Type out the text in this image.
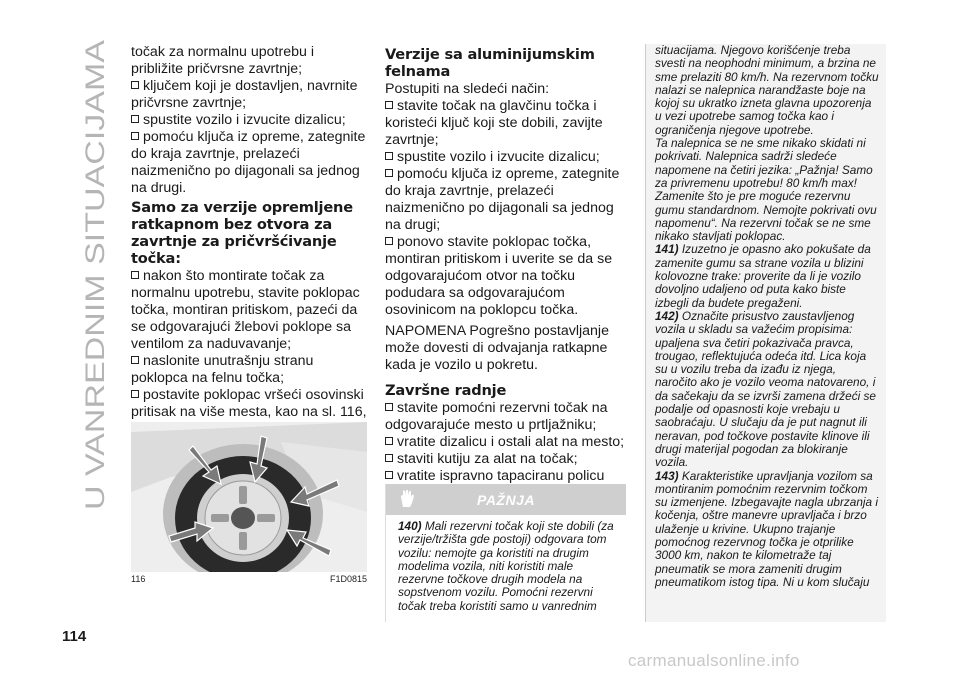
U VANREDNIM SITUACIJAMA

točak za normalnu upotrebu i približite pričvrsne zavrtnje;

ključem koji je dostavljen, navrnite pričvrsne zavrtnje;

spustite vozilo i izvucite dizalicu;

pomoću ključa iz opreme, zategnite do kraja zavrtnje, prelazeći naizmenično po dijagonali sa jednog na drugi.

Samo za verzije opremljene ratkapnom bez otvora za zavrtnje za pričvršćivanje točka:

nakon što montirate točak za normalnu upotrebu, stavite poklopac točka, montiran pritiskom, pazeći da se odgovarajući žlebovi poklope sa ventilom za naduvavanje;

naslonite unutrašnju stranu poklopca na felnu točka;

postavite poklopac vršeći osovinski pritisak na više mesta, kao na sl. 116,

116	F1D0815
Verzije sa aluminijumskim felnama

Postupiti na sledeći način:

stavite točak na glavčinu točka i koristeći ključ koji ste dobili, zavijte zavrtnje;

spustite vozilo i izvucite dizalicu;

pomoću ključa iz opreme, zategnite do kraja zavrtnje, prelazeći naizmenično po dijagonali sa jednog na drugi;

ponovo stavite poklopac točka, montiran pritiskom i uverite se da se odgovarajućom otvor na točku podudara sa odgovarajućom osovinicom na poklopcu točka.

NAPOMENA Pogrešno postavljanje može dovesti di odvajanja ratkapne kada je vozilo u pokretu.

Završne radnje

stavite pomoćni rezervni točak na odgovarajuće mesto u prtljažniku;

vratite dizalicu i ostali alat na mesto;

staviti kutiju za alat na točak;

vratite ispravno tapaciranu policu

PAŽNJA
140) Mali rezervni točak koji ste dobili (za verzije/tržišta gde postoji) odgovara tom vozilu: nemojte ga koristiti na drugim modelima vozila, niti koristiti male rezervne točkove drugih modela na sopstvenom vozilu. Pomoćni rezervni točak treba koristiti samo u vanrednim

situacijama. Njegovo korišćenje treba svesti na neophodni minimum, a brzina ne sme prelaziti 80 km/h. Na rezervnom točku nalazi se nalepnica narandžaste boje na kojoj su ukratko izneta glavna upozorenja u vezi upotrebe samog točka kao i ograničenja njegove upotrebe.

Ta nalepnica se ne sme nikako skidati ni pokrivati. Nalepnica sadrži sledeće napomene na četiri jezika: „Pažnja! Samo za privremenu upotrebu! 80 km/h max! Zamenite što je pre moguće rezervnu gumu standardnom. Nemojte pokrivati ovu napomenu“. Na rezervni točak se ne sme nikako stavljati poklopac.

141) Izuzetno je opasno ako pokušate da zamenite gumu sa strane vozila u blizini kolovozne trake: proverite da li je vozilo dovoljno udaljeno od puta kako biste izbegli da budete pregaženi.

142) Označite prisustvo zaustavljenog vozila u skladu sa važećim propisima: upaljena sva četiri pokazivača pravca, trougao, reflektujuća odeća itd. Lica koja su u vozilu treba da izađu iz njega, naročito ako je vozilo veoma natovareno, i da sačekaju da se izvrši zamena držeći se podalje od opasnosti koje vrebaju u saobraćaju. U slučaju da je put nagnut ili neravan, pod točkove postavite klinove ili drugi materijal pogodan za blokiranje vozila.

143) Karakteristike upravljanja vozilom sa montiranim pomoćnim rezervnim točkom su izmenjene. Izbegavajte nagla ubrzanja i kočenja, oštre manevre upravljača i brzo ulaženje u krivine. Ukupno trajanje pomoćnog rezervnog točka je otprilike 3000 km, nakon te kilometraže taj pneumatik se mora zameniti drugim pneumatikom istog tipa. Ni u kom slučaju

114
carmanualsonline.info
